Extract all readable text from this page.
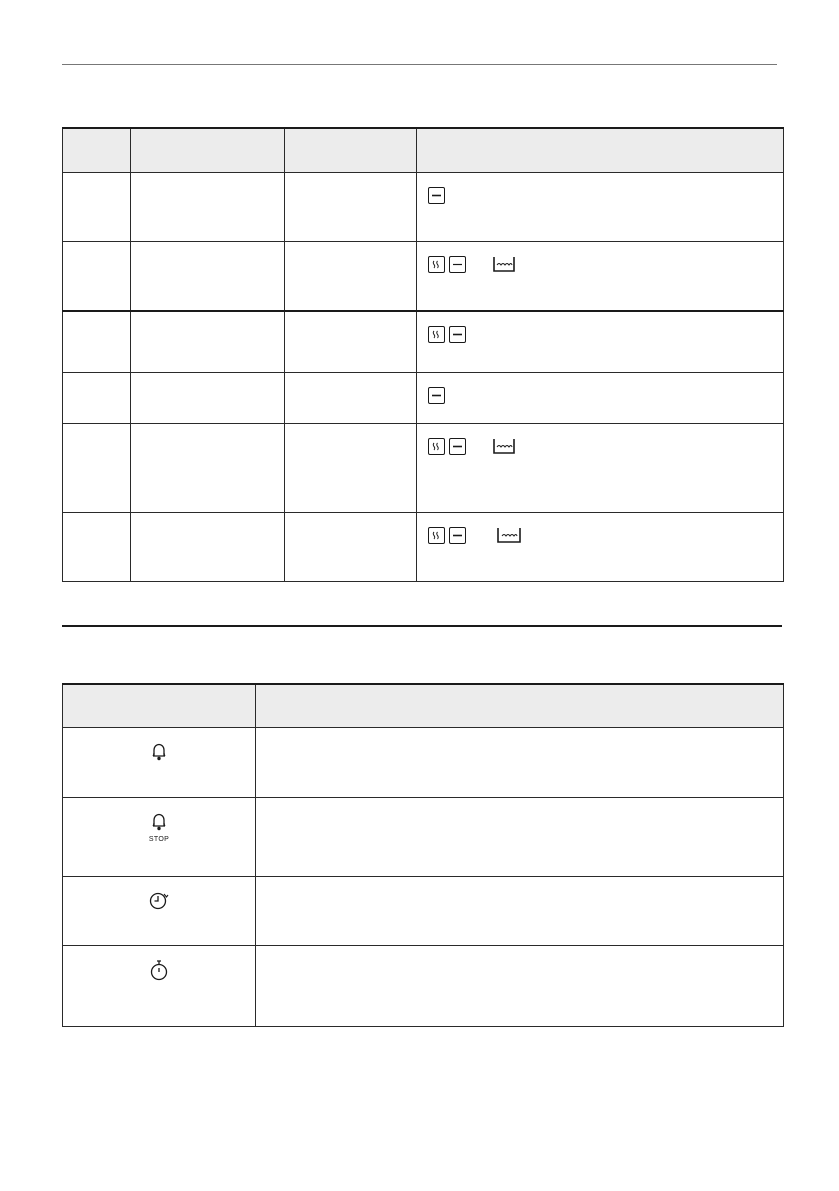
STOP	
